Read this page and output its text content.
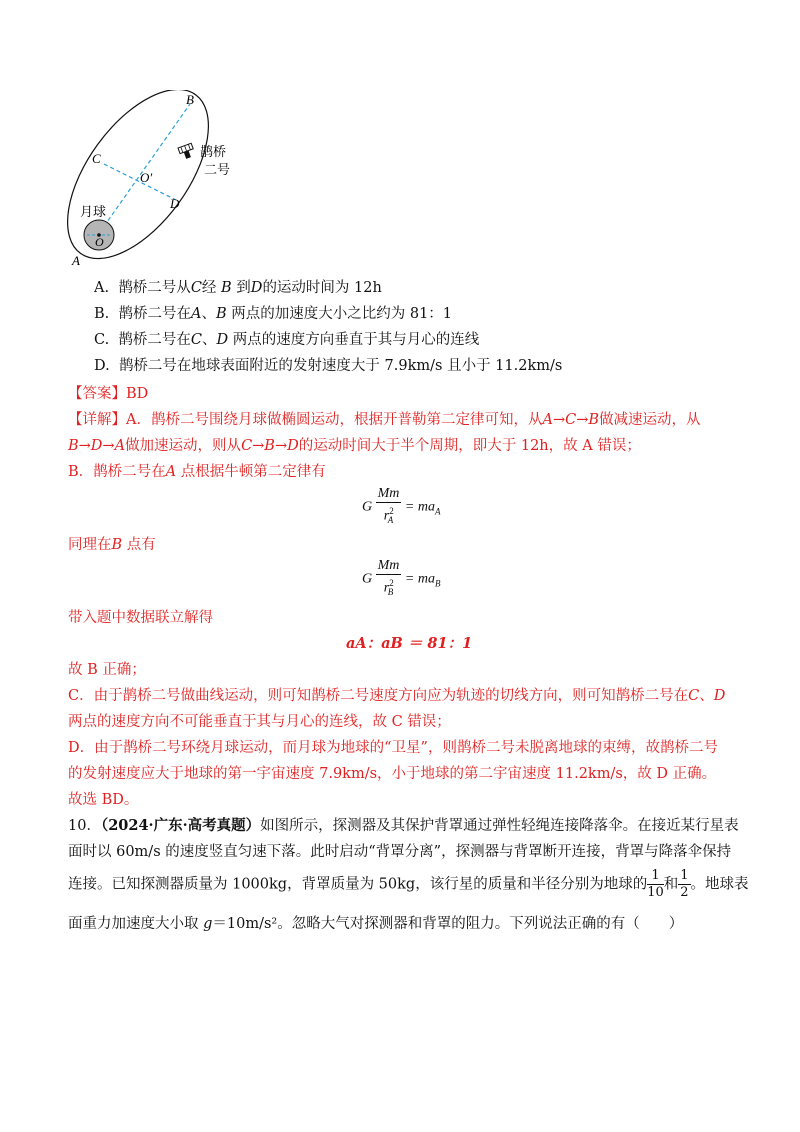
B
C
O′
D
A
O
月球
鹊桥
二号
A. 鹊桥二号从C经 B 到D的运动时间为 12h
B. 鹊桥二号在A、B 两点的加速度大小之比约为 81：1
C. 鹊桥二号在C、D 两点的速度方向垂直于其与月心的连线
D. 鹊桥二号在地球表面附近的发射速度大于 7.9km/s 且小于 11.2km/s
【答案】BD
【详解】A．鹊桥二号围绕月球做椭圆运动，根据开普勒第二定律可知，从A→C→B做减速运动，从
B→D→A做加速运动，则从C→B→D的运动时间大于半个周期，即大于 12h，故 A 错误；
B．鹊桥二号在A 点根据牛顿第二定律有
G $\frac{Mm}{r^2_A} = ma_A$
同理在B 点有
G $\frac{Mm}{r^2_B} = ma_B$
带入题中数据联立解得
aA：aB ＝ 81：1
故 B 正确；
C．由于鹊桥二号做曲线运动，则可知鹊桥二号速度方向应为轨迹的切线方向，则可知鹊桥二号在C、D
两点的速度方向不可能垂直于其与月心的连线，故 C 错误；
D．由于鹊桥二号环绕月球运动，而月球为地球的“卫星”，则鹊桥二号未脱离地球的束缚，故鹊桥二号
的发射速度应大于地球的第一宇宙速度 7.9km/s，小于地球的第二宇宙速度 11.2km/s，故 D 正确。
故选 BD。
10．（2024·广东·高考真题）如图所示，探测器及其保护背罩通过弹性轻绳连接降落伞。在接近某行星表
面时以 60m/s 的速度竖直匀速下落。此时启动“背罩分离”，探测器与背罩断开连接，背罩与降落伞保持
连接。已知探测器质量为 1000kg，背罩质量为 50kg，该行星的质量和半径分别为地球的 $\frac{1}{10}$ 和 $\frac{1}{2}$ 。地球表
面重力加速度大小取 g＝10m/s²。忽略大气对探测器和背罩的阻力。下列说法正确的有（　　）
